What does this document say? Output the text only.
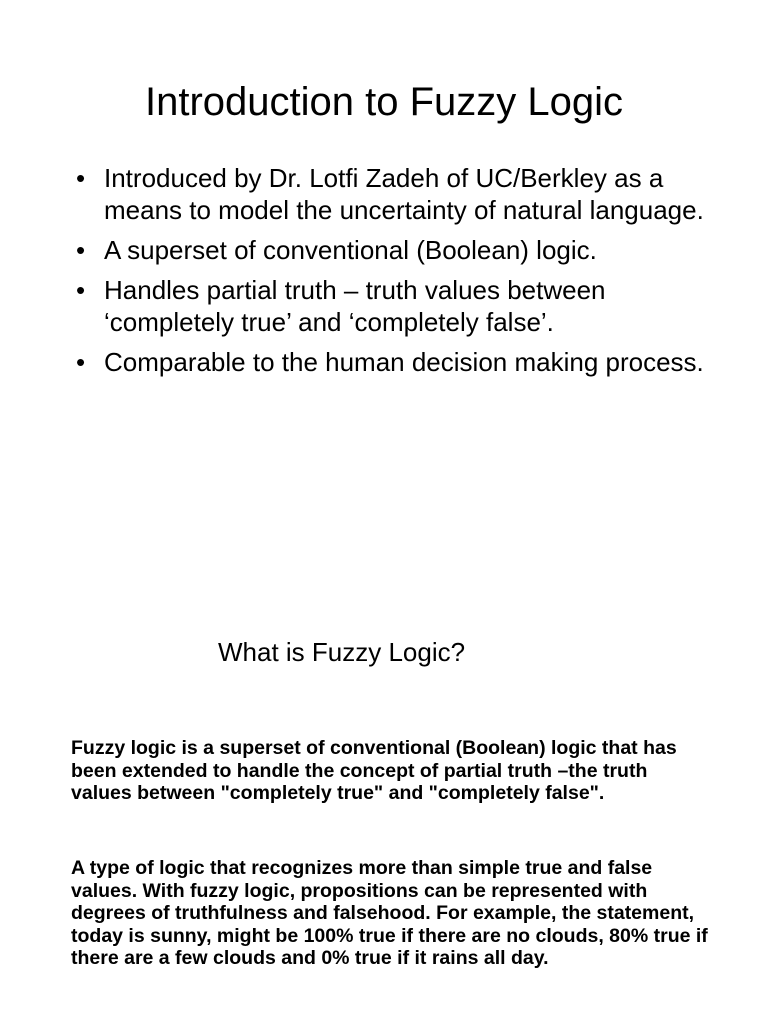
Introduction to Fuzzy Logic
• Introduced by Dr. Lotfi Zadeh of UC/Berkley as a means to model the uncertainty of natural language.
• A superset of conventional (Boolean) logic.
• Handles partial truth – truth values between ‘completely true’ and ‘completely false’.
• Comparable to the human decision making process.
What is Fuzzy Logic?

Fuzzy logic is a superset of conventional (Boolean) logic that has been extended to handle the concept of partial truth –the truth values between "completely true" and "completely false".

A type of logic that recognizes more than simple true and false values. With fuzzy logic, propositions can be represented with degrees of truthfulness and falsehood. For example, the statement, today is sunny, might be 100% true if there are no clouds, 80% true if there are a few clouds and 0% true if it rains all day.
